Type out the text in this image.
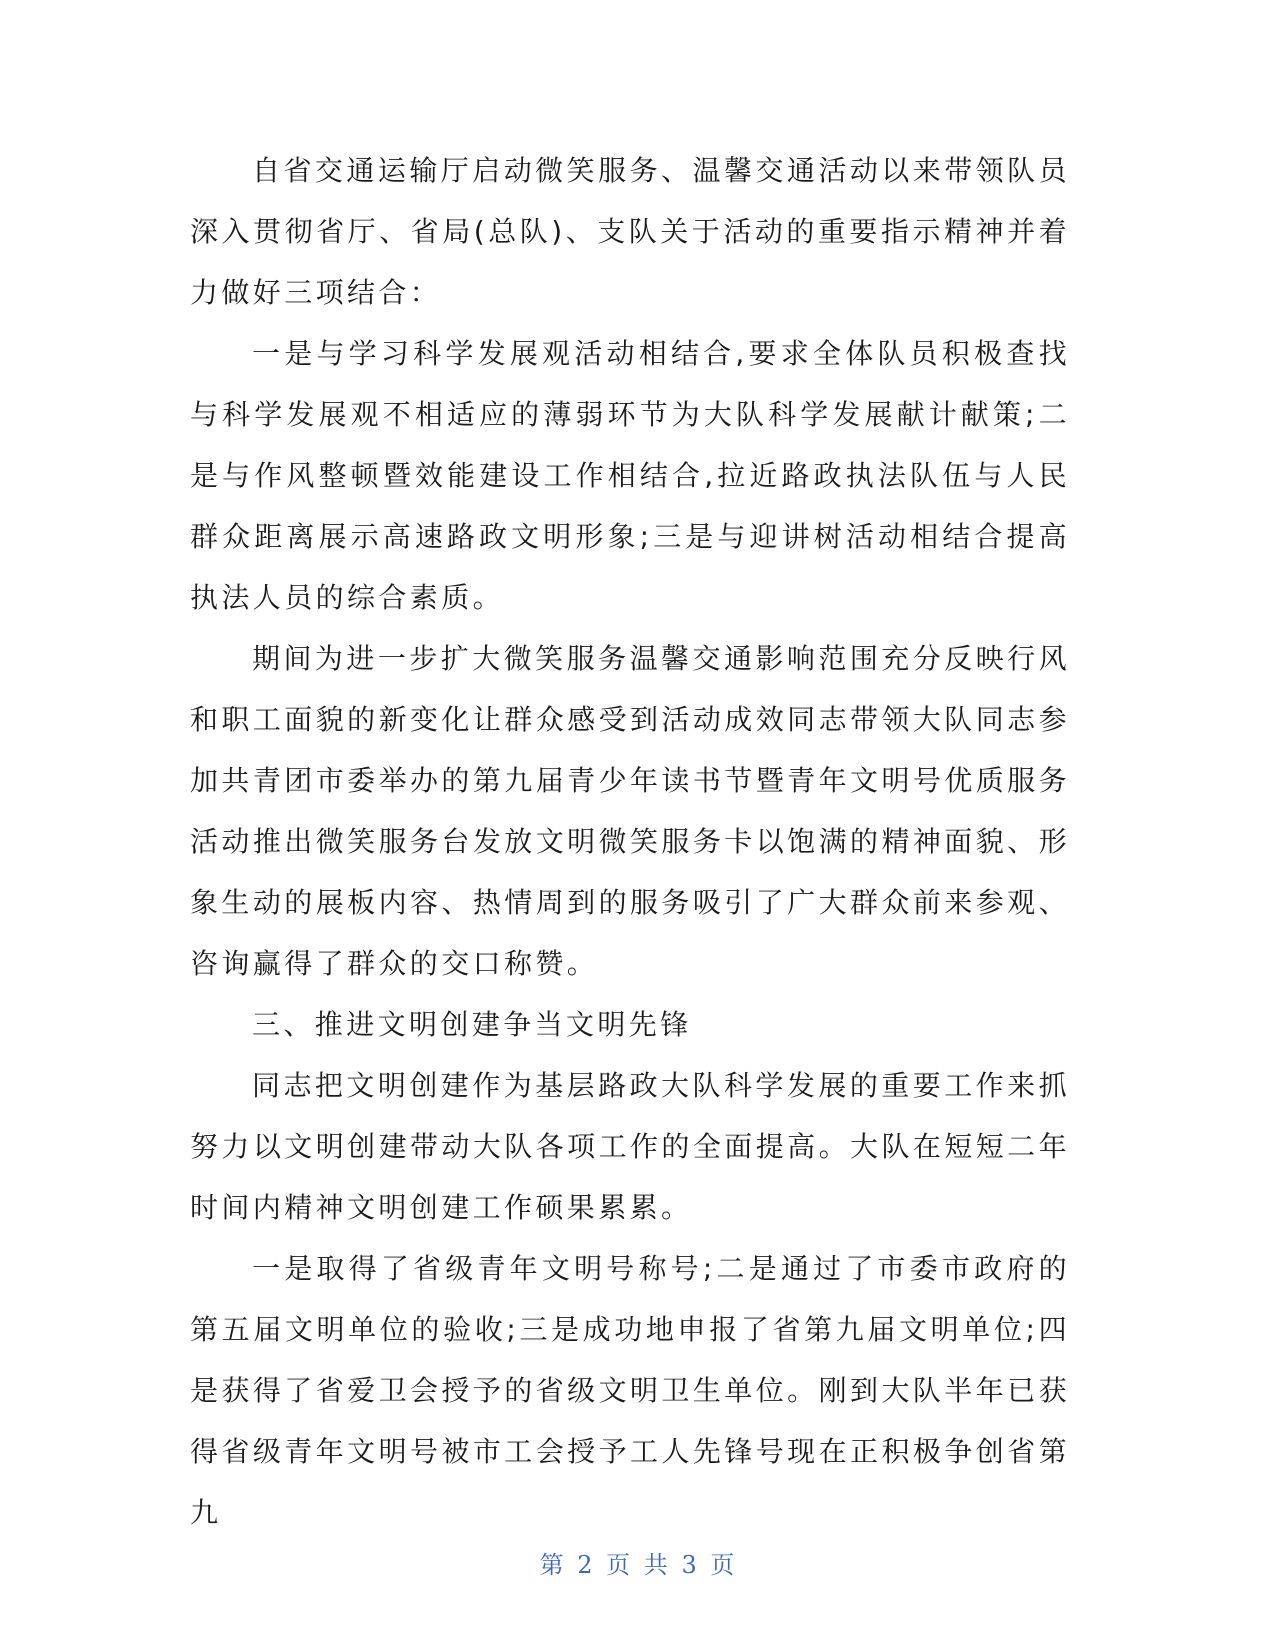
自省交通运输厅启动微笑服务、温馨交通活动以来带领队员深入贯彻省厅、省局(总队)、支队关于活动的重要指示精神并着力做好三项结合：

一是与学习科学发展观活动相结合,要求全体队员积极查找与科学发展观不相适应的薄弱环节为大队科学发展献计献策;二是与作风整顿暨效能建设工作相结合,拉近路政执法队伍与人民群众距离展示高速路政文明形象;三是与迎讲树活动相结合提高执法人员的综合素质。

期间为进一步扩大微笑服务温馨交通影响范围充分反映行风和职工面貌的新变化让群众感受到活动成效同志带领大队同志参加共青团市委举办的第九届青少年读书节暨青年文明号优质服务活动推出微笑服务台发放文明微笑服务卡以饱满的精神面貌、形象生动的展板内容、热情周到的服务吸引了广大群众前来参观、咨询赢得了群众的交口称赞。

三、推进文明创建争当文明先锋

同志把文明创建作为基层路政大队科学发展的重要工作来抓努力以文明创建带动大队各项工作的全面提高。大队在短短二年时间内精神文明创建工作硕果累累。

一是取得了省级青年文明号称号;二是通过了市委市政府的第五届文明单位的验收;三是成功地申报了省第九届文明单位;四是获得了省爱卫会授予的省级文明卫生单位。刚到大队半年已获得省级青年文明号被市工会授予工人先锋号现在正积极争创省第九

第 2 页 共 3 页
